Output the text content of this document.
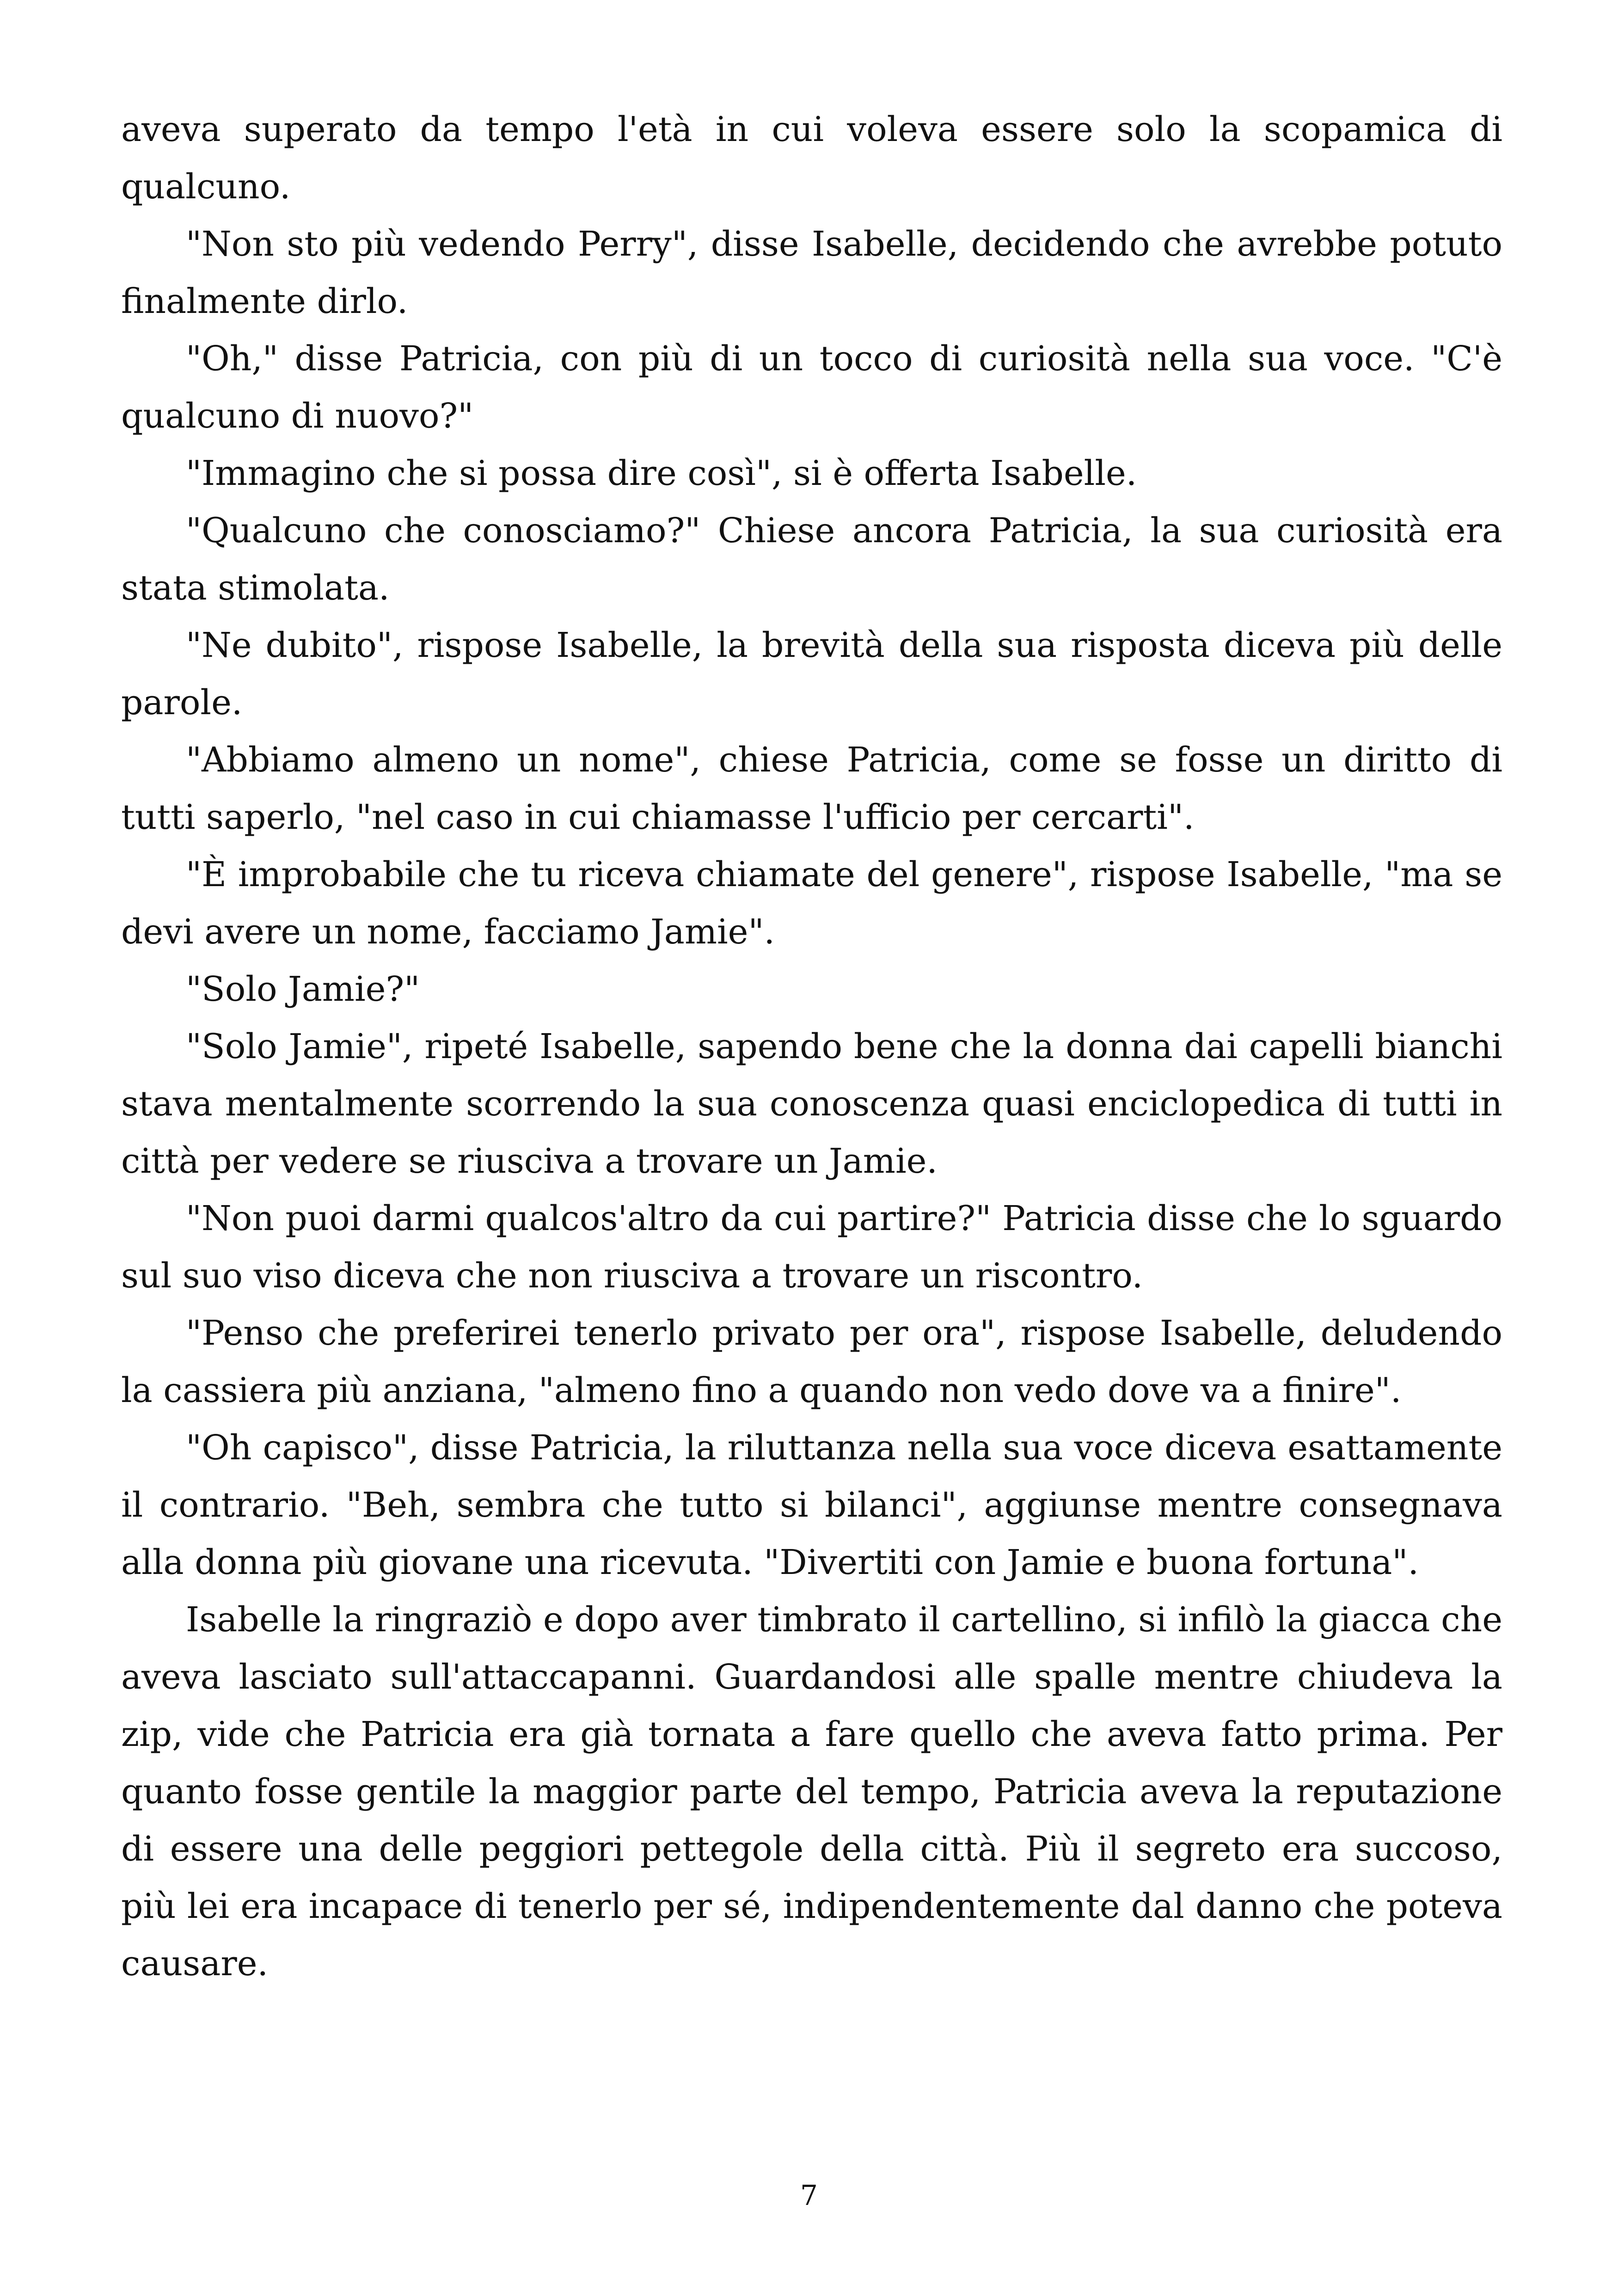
aveva superato da tempo l'età in cui voleva essere solo la scopamica di qualcuno.

"Non sto più vedendo Perry", disse Isabelle, decidendo che avrebbe potuto finalmente dirlo.

"Oh," disse Patricia, con più di un tocco di curiosità nella sua voce. "C'è qualcuno di nuovo?"

"Immagino che si possa dire così", si è offerta Isabelle.

"Qualcuno che conosciamo?" Chiese ancora Patricia, la sua curiosità era stata stimolata.

"Ne dubito", rispose Isabelle, la brevità della sua risposta diceva più delle parole.

"Abbiamo almeno un nome", chiese Patricia, come se fosse un diritto di tutti saperlo, "nel caso in cui chiamasse l'ufficio per cercarti".

"È improbabile che tu riceva chiamate del genere", rispose Isabelle, "ma se devi avere un nome, facciamo Jamie".

"Solo Jamie?"

"Solo Jamie", ripeté Isabelle, sapendo bene che la donna dai capelli bianchi stava mentalmente scorrendo la sua conoscenza quasi enciclopedica di tutti in città per vedere se riusciva a trovare un Jamie.

"Non puoi darmi qualcos'altro da cui partire?" Patricia disse che lo sguardo sul suo viso diceva che non riusciva a trovare un riscontro.

"Penso che preferirei tenerlo privato per ora", rispose Isabelle, deludendo la cassiera più anziana, "almeno fino a quando non vedo dove va a finire".

"Oh capisco", disse Patricia, la riluttanza nella sua voce diceva esattamente il contrario. "Beh, sembra che tutto si bilanci", aggiunse mentre consegnava alla donna più giovane una ricevuta. "Divertiti con Jamie e buona fortuna".

Isabelle la ringraziò e dopo aver timbrato il cartellino, si infilò la giacca che aveva lasciato sull'attaccapanni. Guardandosi alle spalle mentre chiudeva la zip, vide che Patricia era già tornata a fare quello che aveva fatto prima. Per quanto fosse gentile la maggior parte del tempo, Patricia aveva la reputazione di essere una delle peggiori pettegole della città. Più il segreto era succoso, più lei era incapace di tenerlo per sé, indipendentemente dal danno che poteva causare.

7
